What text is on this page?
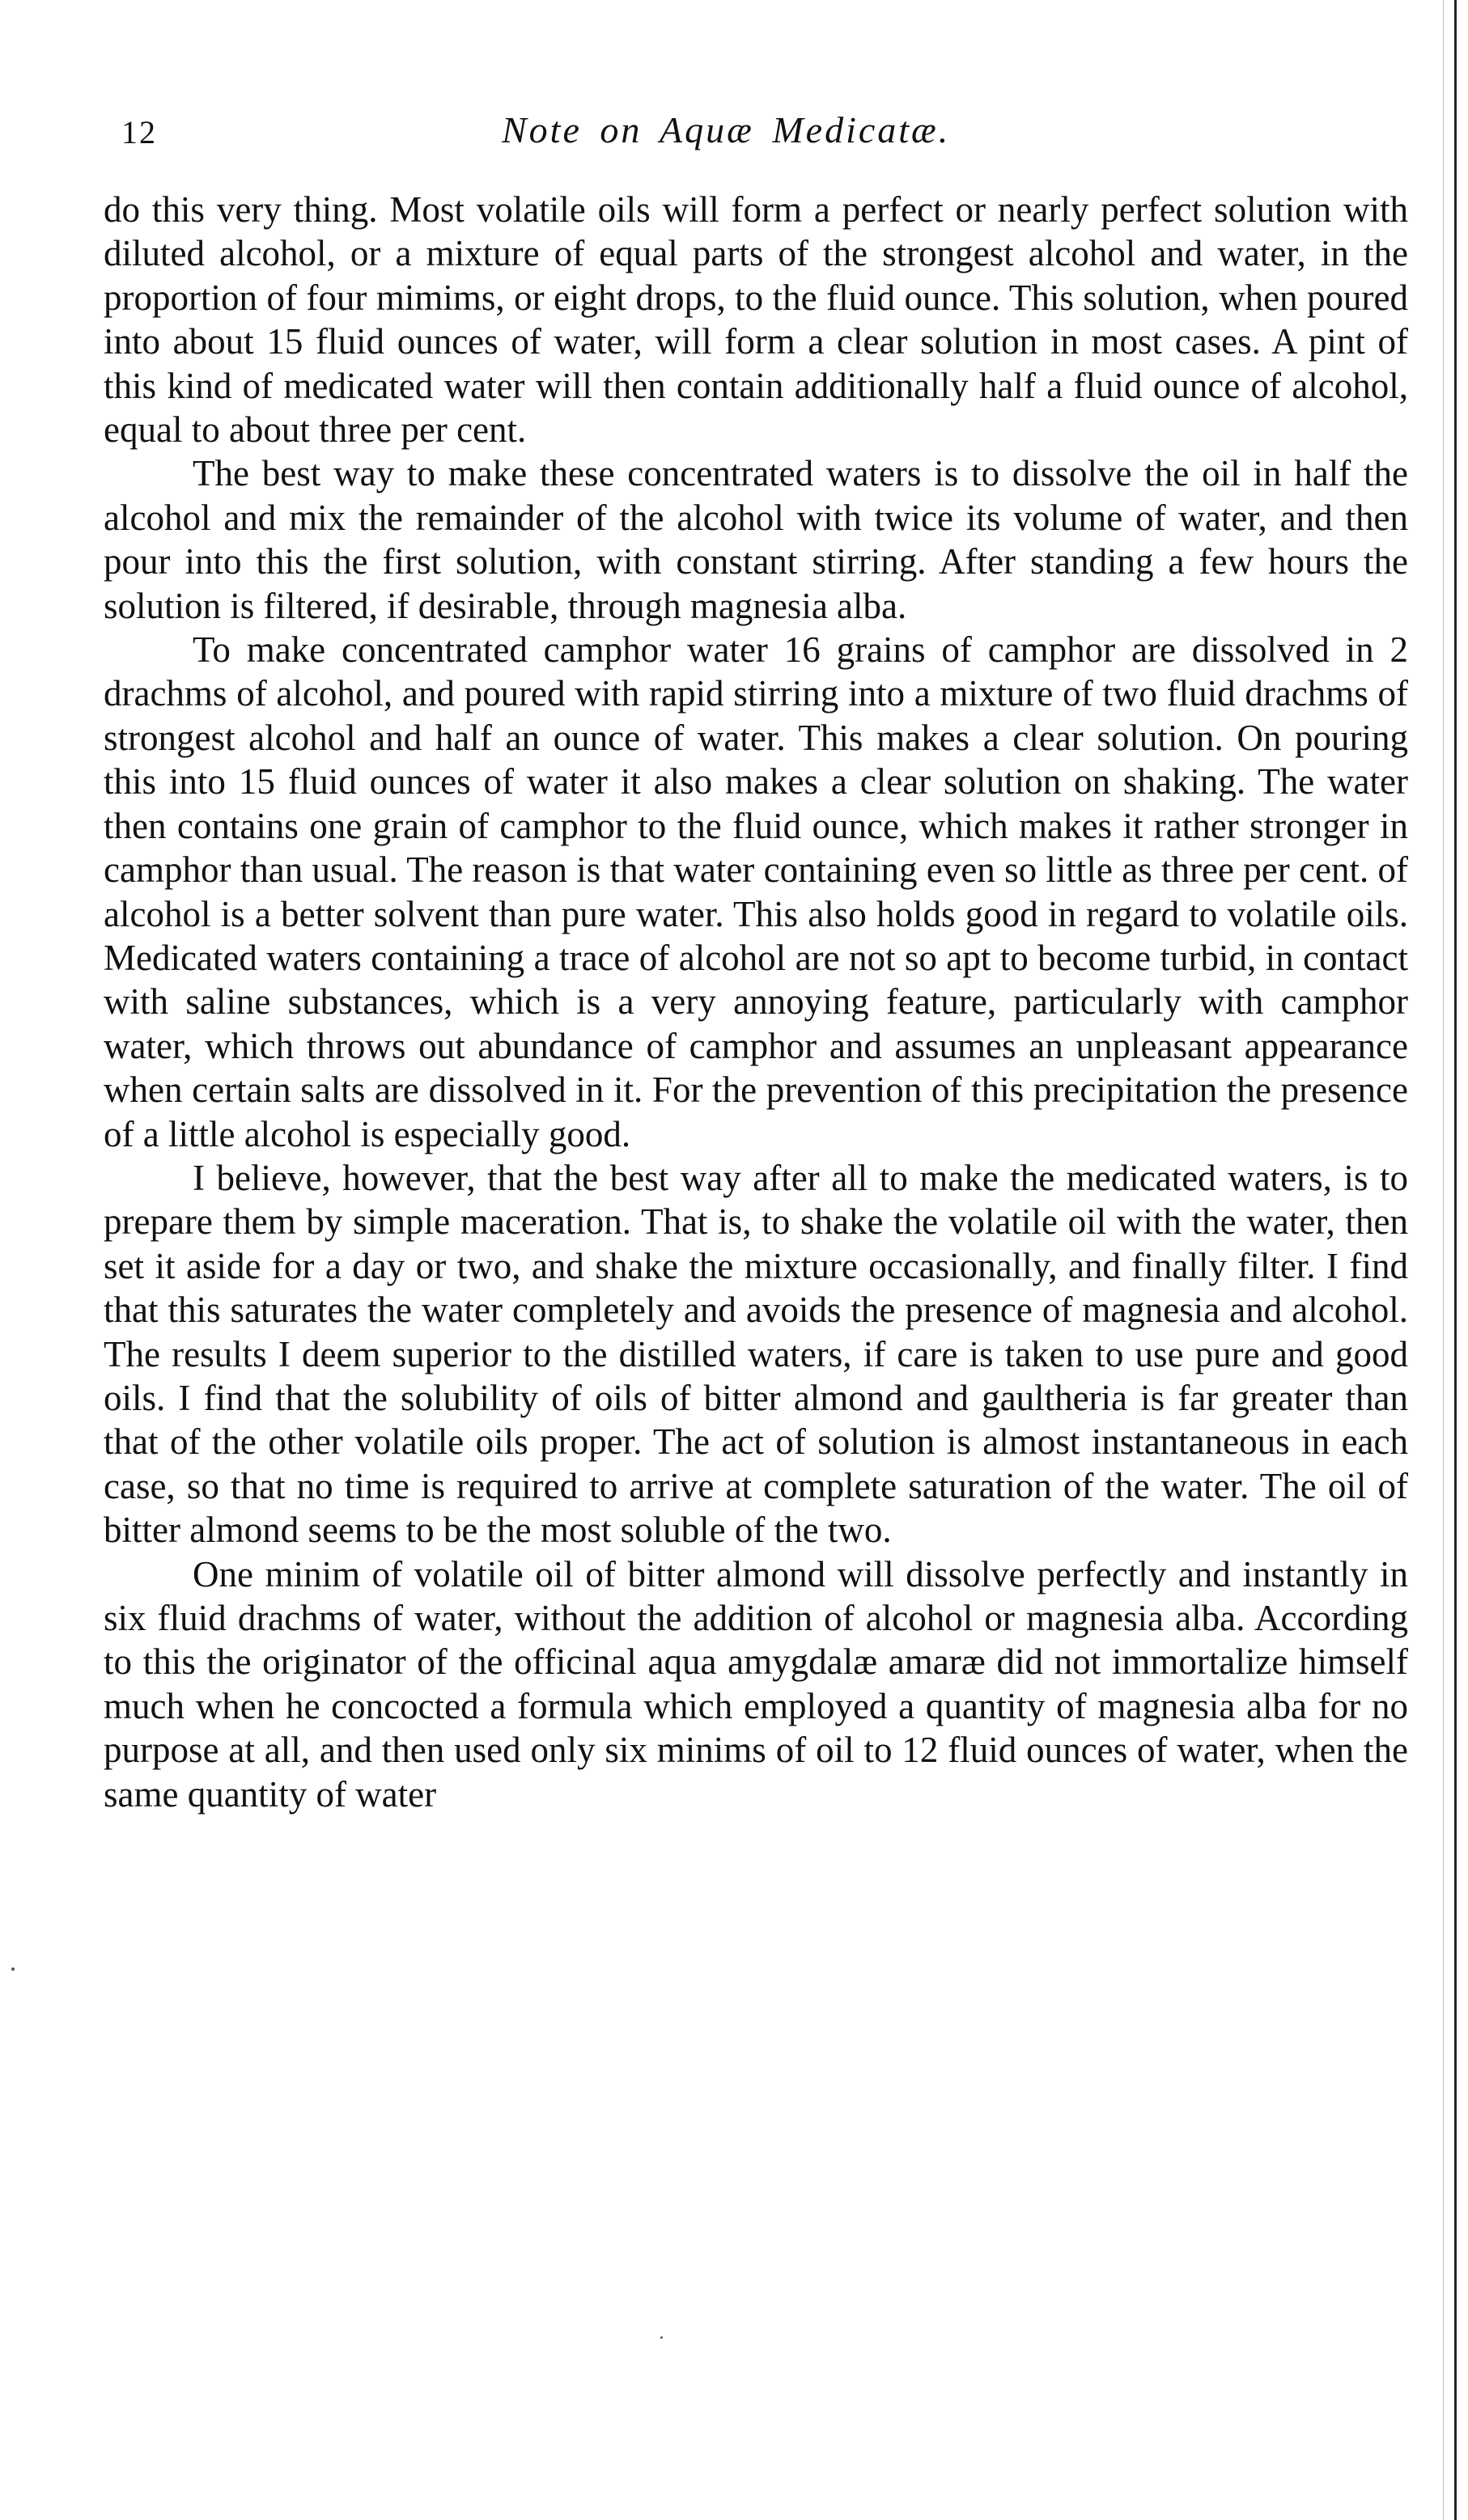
12	Note on Aquæ Medicatæ.

do this very thing. Most volatile oils will form a perfect or nearly perfect solution with diluted alcohol, or a mixture of equal parts of the strongest alcohol and water, in the proportion of four mimims, or eight drops, to the fluid ounce. This solution, when poured into about 15 fluid ounces of water, will form a clear solution in most cases. A pint of this kind of medicated water will then contain additionally half a fluid ounce of alcohol, equal to about three per cent.

The best way to make these concentrated waters is to dissolve the oil in half the alcohol and mix the remainder of the alcohol with twice its volume of water, and then pour into this the first solution, with constant stirring. After standing a few hours the solution is filtered, if desirable, through magnesia alba.

To make concentrated camphor water 16 grains of camphor are dissolved in 2 drachms of alcohol, and poured with rapid stirring into a mixture of two fluid drachms of strongest alcohol and half an ounce of water. This makes a clear solution. On pouring this into 15 fluid ounces of water it also makes a clear solution on shaking. The water then contains one grain of camphor to the fluid ounce, which makes it rather stronger in camphor than usual. The reason is that water containing even so little as three per cent. of alcohol is a better solvent than pure water. This also holds good in regard to volatile oils. Medicated waters containing a trace of alcohol are not so apt to become turbid, in contact with saline substances, which is a very annoying feature, particularly with camphor water, which throws out abundance of camphor and assumes an unpleasant appearance when certain salts are dissolved in it. For the prevention of this precipitation the presence of a little alcohol is especially good.

I believe, however, that the best way after all to make the medicated waters, is to prepare them by simple maceration. That is, to shake the volatile oil with the water, then set it aside for a day or two, and shake the mixture occasionally, and finally filter. I find that this saturates the water completely and avoids the presence of magnesia and alcohol. The results I deem superior to the distilled waters, if care is taken to use pure and good oils. I find that the solubility of oils of bitter almond and gaultheria is far greater than that of the other volatile oils proper. The act of solution is almost instantaneous in each case, so that no time is required to arrive at complete saturation of the water. The oil of bitter almond seems to be the most soluble of the two.

One minim of volatile oil of bitter almond will dissolve perfectly and instantly in six fluid drachms of water, without the addition of alcohol or magnesia alba. According to this the originator of the officinal aqua amygdalæ amaræ did not immortalize himself much when he concocted a formula which employed a quantity of magnesia alba for no purpose at all, and then used only six minims of oil to 12 fluid ounces of water, when the same quantity of water
